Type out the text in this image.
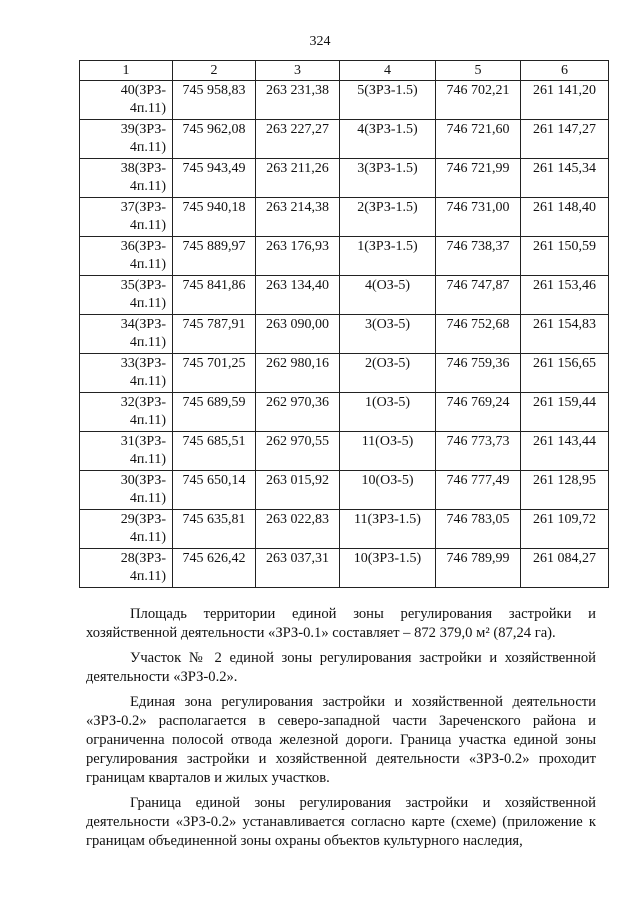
324
1	2	3	4	5	6

40(ЗРЗ-
4п.11)	745 958,83	263 231,38	5(ЗРЗ-1.5)	746 702,21	261 141,20

39(ЗРЗ-
4п.11)	745 962,08	263 227,27	4(ЗРЗ-1.5)	746 721,60	261 147,27

38(ЗРЗ-
4п.11)	745 943,49	263 211,26	3(ЗРЗ-1.5)	746 721,99	261 145,34

37(ЗРЗ-
4п.11)	745 940,18	263 214,38	2(ЗРЗ-1.5)	746 731,00	261 148,40

36(ЗРЗ-
4п.11)	745 889,97	263 176,93	1(ЗРЗ-1.5)	746 738,37	261 150,59

35(ЗРЗ-
4п.11)	745 841,86	263 134,40	4(ОЗ-5)	746 747,87	261 153,46

34(ЗРЗ-
4п.11)	745 787,91	263 090,00	3(ОЗ-5)	746 752,68	261 154,83

33(ЗРЗ-
4п.11)	745 701,25	262 980,16	2(ОЗ-5)	746 759,36	261 156,65

32(ЗРЗ-
4п.11)	745 689,59	262 970,36	1(ОЗ-5)	746 769,24	261 159,44

31(ЗРЗ-
4п.11)	745 685,51	262 970,55	11(ОЗ-5)	746 773,73	261 143,44

30(ЗРЗ-
4п.11)	745 650,14	263 015,92	10(ОЗ-5)	746 777,49	261 128,95

29(ЗРЗ-
4п.11)	745 635,81	263 022,83	11(ЗРЗ-1.5)	746 783,05	261 109,72

28(ЗРЗ-
4п.11)	745 626,42	263 037,31	10(ЗРЗ-1.5)	746 789,99	261 084,27

Площадь территории единой зоны регулирования застройки и хозяйственной деятельности «ЗРЗ-0.1» составляет – 872 379,0 м² (87,24 га).

Участок № 2 единой зоны регулирования застройки и хозяйственной деятельности «ЗРЗ-0.2».

Единая зона регулирования застройки и хозяйственной деятельности «ЗРЗ-0.2» располагается в северо-западной части Зареченского района и ограниченна полосой отвода железной дороги. Граница участка единой зоны регулирования застройки и хозяйственной деятельности «ЗРЗ-0.2» проходит границам кварталов и жилых участков.

Граница единой зоны регулирования застройки и хозяйственной деятельности «ЗРЗ-0.2» устанавливается согласно карте (схеме) (приложение к границам объединенной зоны охраны объектов культурного наследия,
